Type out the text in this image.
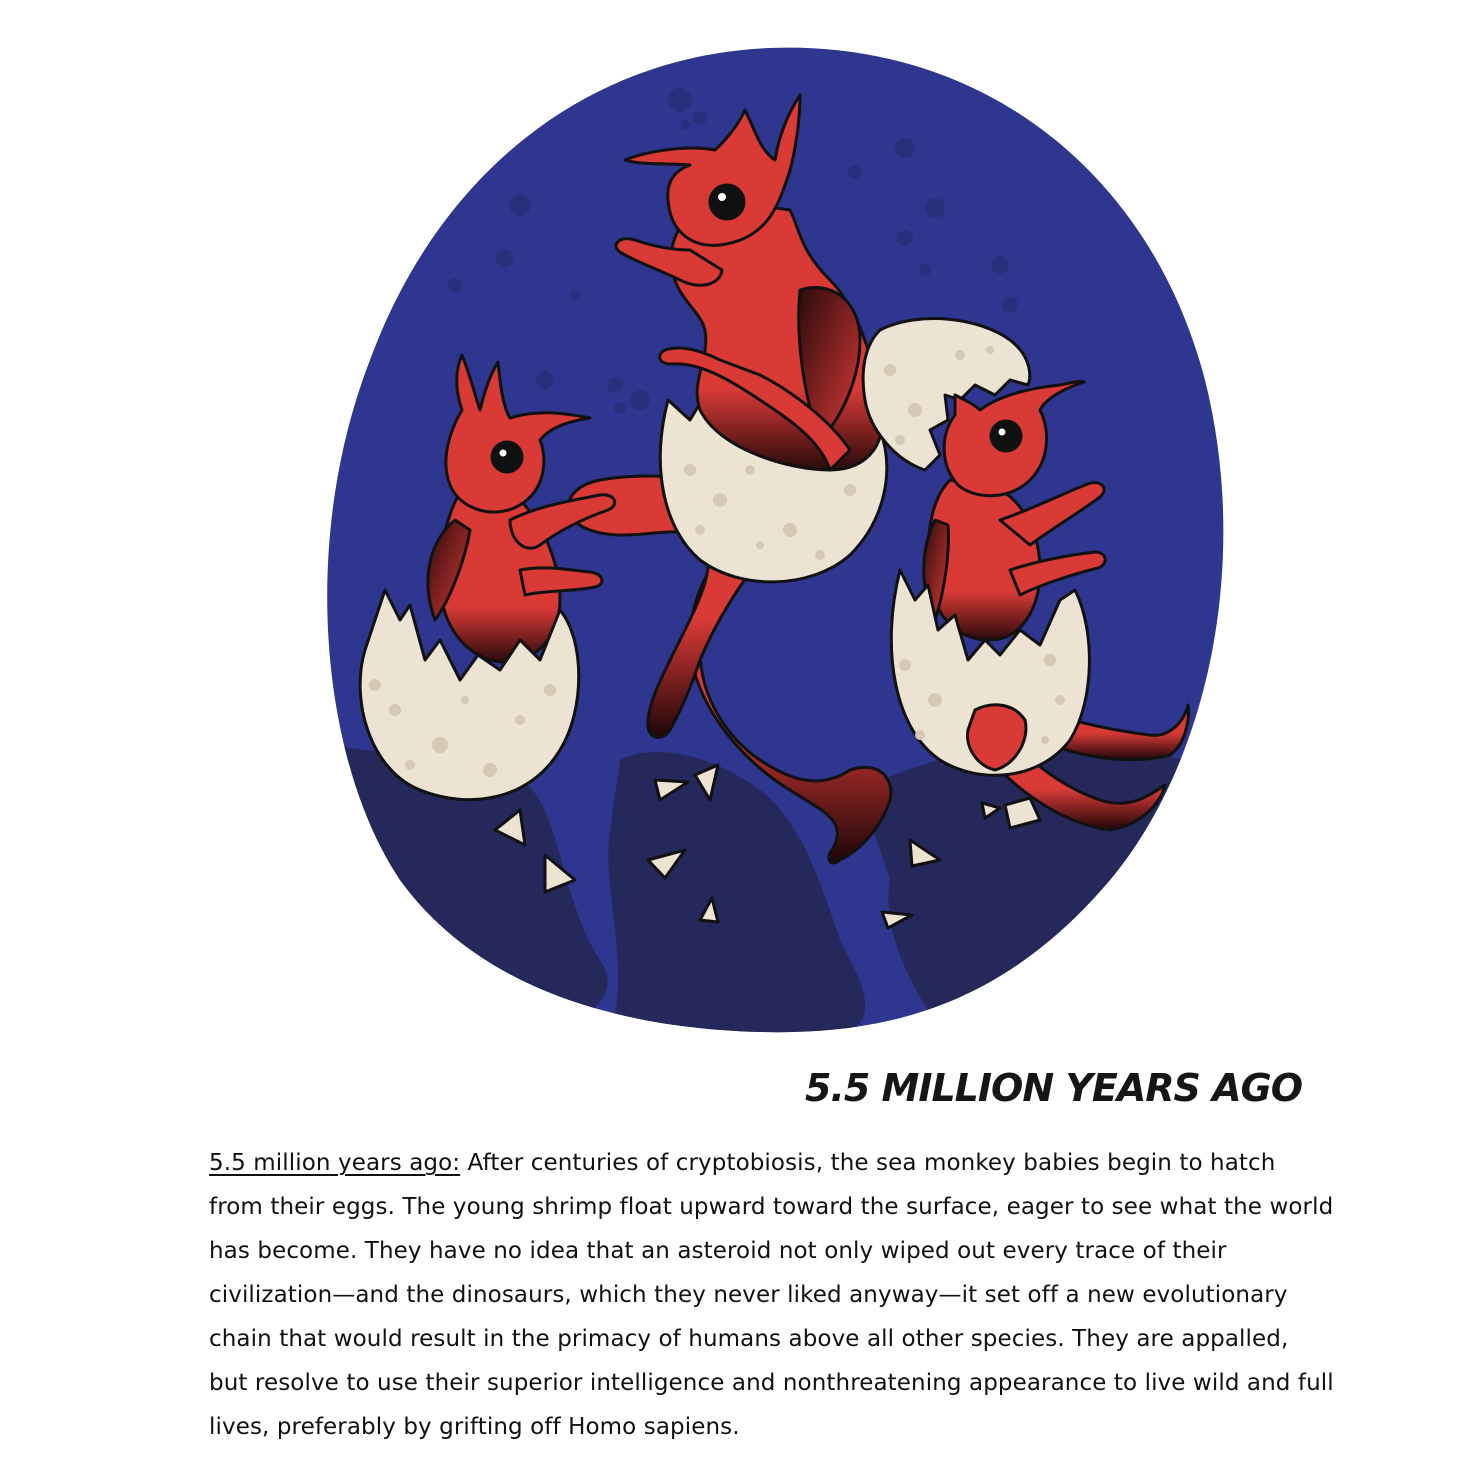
5.5 MILLION YEARS AGO

5.5 million years ago: After centuries of cryptobiosis, the sea monkey babies begin to hatch from their eggs. The young shrimp float upward toward the surface, eager to see what the world has become. They have no idea that an asteroid not only wiped out every trace of their civilization—and the dinosaurs, which they never liked anyway—it set off a new evolutionary chain that would result in the primacy of humans above all other species. They are appalled, but resolve to use their superior intelligence and nonthreatening appearance to live wild and full lives, preferably by grifting off Homo sapiens.
